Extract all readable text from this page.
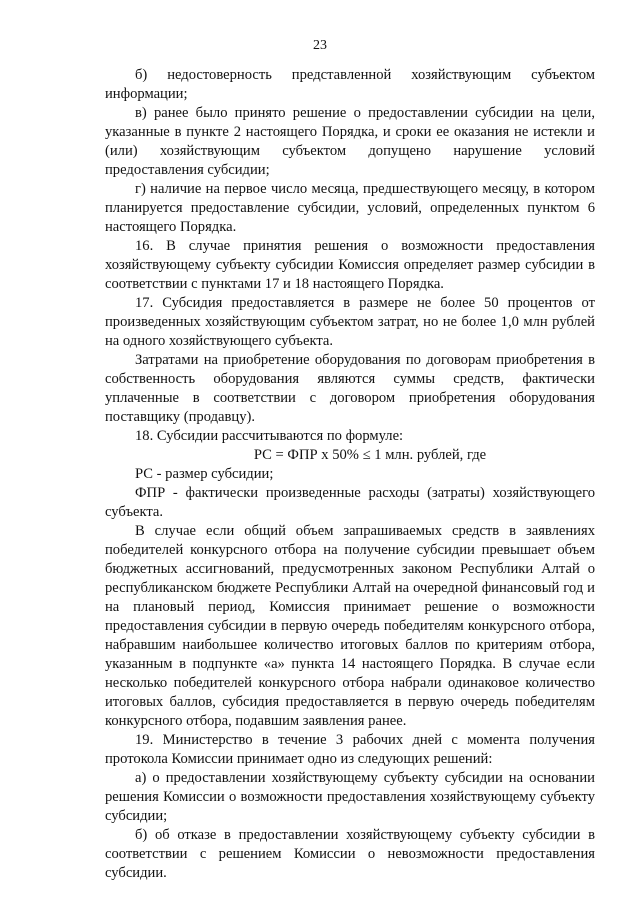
23

б) недостоверность представленной хозяйствующим субъектом информации;

в) ранее было принято решение о предоставлении субсидии на цели, указанные в пункте 2 настоящего Порядка, и сроки ее оказания не истекли и (или) хозяйствующим субъектом допущено нарушение условий предоставления субсидии;

г) наличие на первое число месяца, предшествующего месяцу, в котором планируется предоставление субсидии, условий, определенных пунктом 6 настоящего Порядка.

16. В случае принятия решения о возможности предоставления хозяйствующему субъекту субсидии Комиссия определяет размер субсидии в соответствии с пунктами 17 и 18 настоящего Порядка.

17. Субсидия предоставляется в размере не более 50 процентов от произведенных хозяйствующим субъектом затрат, но не более 1,0 млн рублей на одного хозяйствующего субъекта.

Затратами на приобретение оборудования по договорам приобретения в собственность оборудования являются суммы средств, фактически уплаченные в соответствии с договором приобретения оборудования поставщику (продавцу).

18. Субсидии рассчитываются по формуле:

РС = ФПР х 50% ≤ 1 млн. рублей, где

РС - размер субсидии;

ФПР - фактически произведенные расходы (затраты) хозяйствующего субъекта.

В случае если общий объем запрашиваемых средств в заявлениях победителей конкурсного отбора на получение субсидии превышает объем бюджетных ассигнований, предусмотренных законом Республики Алтай о республиканском бюджете Республики Алтай на очередной финансовый год и на плановый период, Комиссия принимает решение о возможности предоставления субсидии в первую очередь победителям конкурсного отбора, набравшим наибольшее количество итоговых баллов по критериям отбора, указанным в подпункте «а» пункта 14 настоящего Порядка. В случае если несколько победителей конкурсного отбора набрали одинаковое количество итоговых баллов, субсидия предоставляется в первую очередь победителям конкурсного отбора, подавшим заявления ранее.

19. Министерство в течение 3 рабочих дней с момента получения протокола Комиссии принимает одно из следующих решений:

а) о предоставлении хозяйствующему субъекту субсидии на основании решения Комиссии о возможности предоставления хозяйствующему субъекту субсидии;

б) об отказе в предоставлении хозяйствующему субъекту субсидии в соответствии с решением Комиссии о невозможности предоставления субсидии.
